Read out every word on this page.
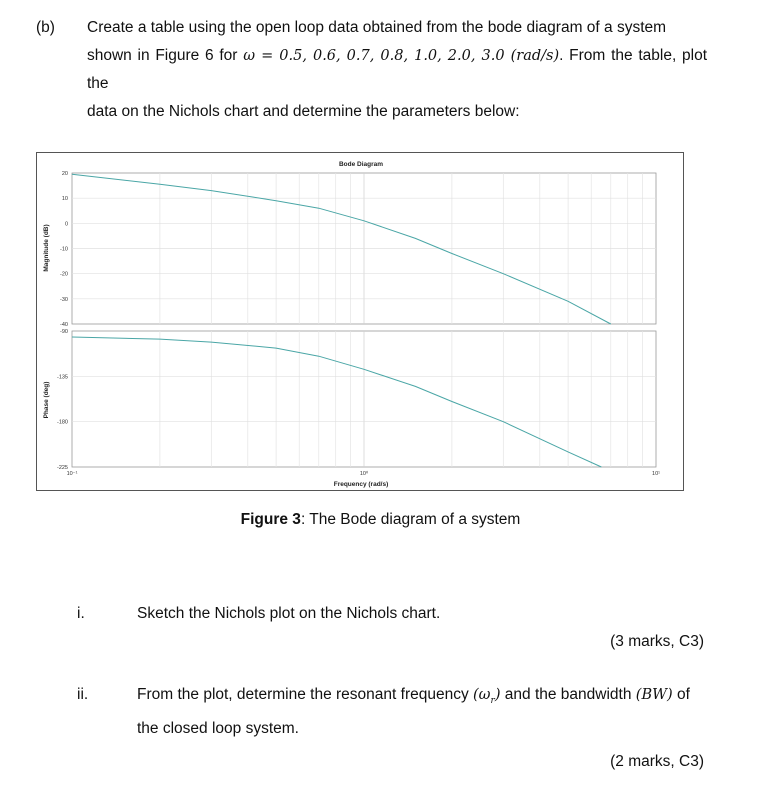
(b) Create a table using the open loop data obtained from the bode diagram of a system
shown in Figure 6 for ω = 0.5, 0.6, 0.7, 0.8, 1.0, 2.0, 3.0 (rad/s). From the table, plot the
data on the Nichols chart and determine the parameters below:
Bode Diagram
Magnitude (dB)
Phase (deg)
Frequency (rad/s)
20
10
0
-10
-20
-30
-40
-90
-135
-180
-225
10⁻¹	10⁰	10¹
Figure 3: The Bode diagram of a system
i.	Sketch the Nichols plot on the Nichols chart.
(3 marks, C3)
ii.	From the plot, determine the resonant frequency $(\omega_r)$ and the bandwidth (BW) of
the closed loop system.
(2 marks, C3)
